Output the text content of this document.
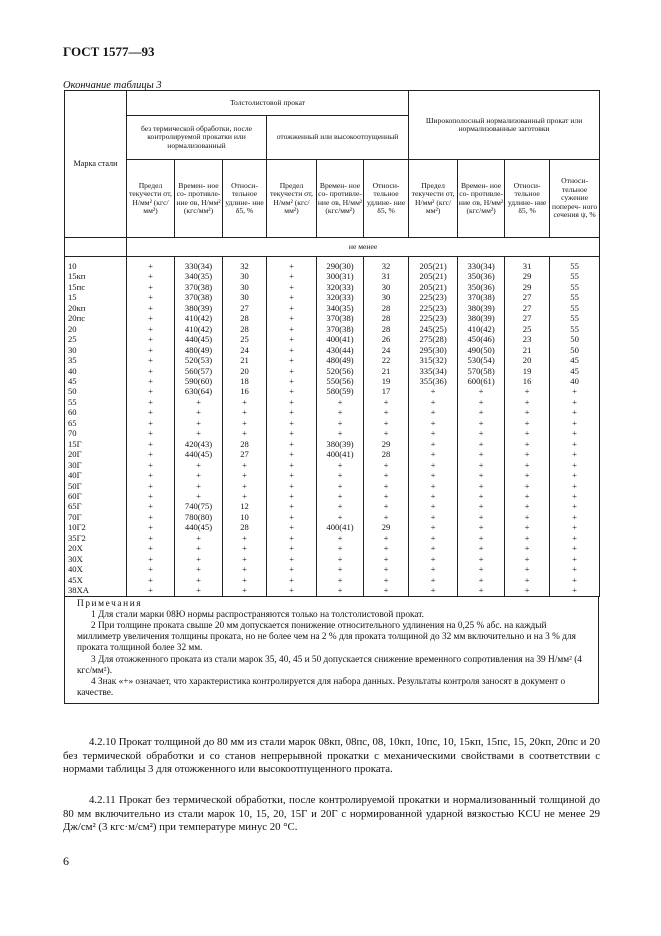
ГОСТ 1577—93
Окончание таблицы 3
Марка стали	Толстолистовой прокат						Широкополосный нормализованный прокат или нормализованные заготовки			
	без термической обработки, после контролируемой прокатки или нормализованный			отожженный или высокоотпущенный						
	Предел текучести σт, Н/мм² (кгс/мм²)	Времен- ное со- противле- ние σв, Н/мм² (кгс/мм²)	Относи- тельное удлине- ние δ5, %	Предел текучести σт, Н/мм² (кгс/мм²)	Времен- ное со- противле- ние σв, Н/мм² (кгс/мм²)	Относи- тельное удлине- ние δ5, %	Предел текучести σт, Н/мм² (кгс/мм²)	Времен- ное со- противле- ние σв, Н/мм² (кгс/мм²)	Относи- тельное удлине- ние δ5, %	Относи- тельное сужение попереч- ного сечения ψ, %
	не менее									
10	+	330(34)	32	+	290(30)	32	205(21)	330(34)	31	55
15кп	+	340(35)	30	+	300(31)	31	205(21)	350(36)	29	55
15пс	+	370(38)	30	+	320(33)	30	205(21)	350(36)	29	55
15	+	370(38)	30	+	320(33)	30	225(23)	370(38)	27	55
20кп	+	380(39)	27	+	340(35)	28	225(23)	380(39)	27	55
20пс	+	410(42)	28	+	370(38)	28	225(23)	380(39)	27	55
20	+	410(42)	28	+	370(38)	28	245(25)	410(42)	25	55
25	+	440(45)	25	+	400(41)	26	275(28)	450(46)	23	50
30	+	480(49)	24	+	430(44)	24	295(30)	490(50)	21	50
35	+	520(53)	21	+	480(49)	22	315(32)	530(54)	20	45
40	+	560(57)	20	+	520(56)	21	335(34)	570(58)	19	45
45	+	590(60)	18	+	550(56)	19	355(36)	600(61)	16	40
50	+	630(64)	16	+	580(59)	17	+	+	+	+
55	+	+	+	+	+	+	+	+	+	+
60	+	+	+	+	+	+	+	+	+	+
65	+	+	+	+	+	+	+	+	+	+
70	+	+	+	+	+	+	+	+	+	+
15Г	+	420(43)	28	+	380(39)	29	+	+	+	+
20Г	+	440(45)	27	+	400(41)	28	+	+	+	+
30Г	+	+	+	+	+	+	+	+	+	+
40Г	+	+	+	+	+	+	+	+	+	+
50Г	+	+	+	+	+	+	+	+	+	+
60Г	+	+	+	+	+	+	+	+	+	+
65Г	+	740(75)	12	+	+	+	+	+	+	+
70Г	+	780(80)	10	+	+	+	+	+	+	+
10Г2	+	440(45)	28	+	400(41)	29	+	+	+	+
35Г2	+	+	+	+	+	+	+	+	+	+
20Х	+	+	+	+	+	+	+	+	+	+
30Х	+	+	+	+	+	+	+	+	+	+
40Х	+	+	+	+	+	+	+	+	+	+
45Х	+	+	+	+	+	+	+	+	+	+
38ХА	+	+	+	+	+	+	+	+	+	+
Примечания

1 Для стали марки 08Ю нормы распространяются только на толстолистовой прокат.

2 При толщине проката свыше 20 мм допускается понижение относительного удлинения на 0,25 % абс. на каждый миллиметр увеличения толщины проката, но не более чем на 2 % для проката толщиной до 32 мм включительно и на 3 % для проката толщиной более 32 мм.

3 Для отожженного проката из стали марок 35, 40, 45 и 50 допускается снижение временного сопротивления на 39 Н/мм² (4 кгс/мм²).

4 Знак «+» означает, что характеристика контролируется для набора данных. Результаты контроля заносят в документ о качестве.

4.2.10 Прокат толщиной до 80 мм из стали марок 08кп, 08пс, 08, 10кп, 10пс, 10, 15кп, 15пс, 15, 20кп, 20пс и 20 без термической обработки и со станов непрерывной прокатки с механическими свойствами в соответствии с нормами таблицы 3 для отожженного или высокоотпущенного проката.

4.2.11 Прокат без термической обработки, после контролируемой прокатки и нормализованный толщиной до 80 мм включительно из стали марок 10, 15, 20, 15Г и 20Г с нормированной ударной вязкостью KCU не менее 29 Дж/см² (3 кгс·м/см²) при температуре минус 20 °С.

6
